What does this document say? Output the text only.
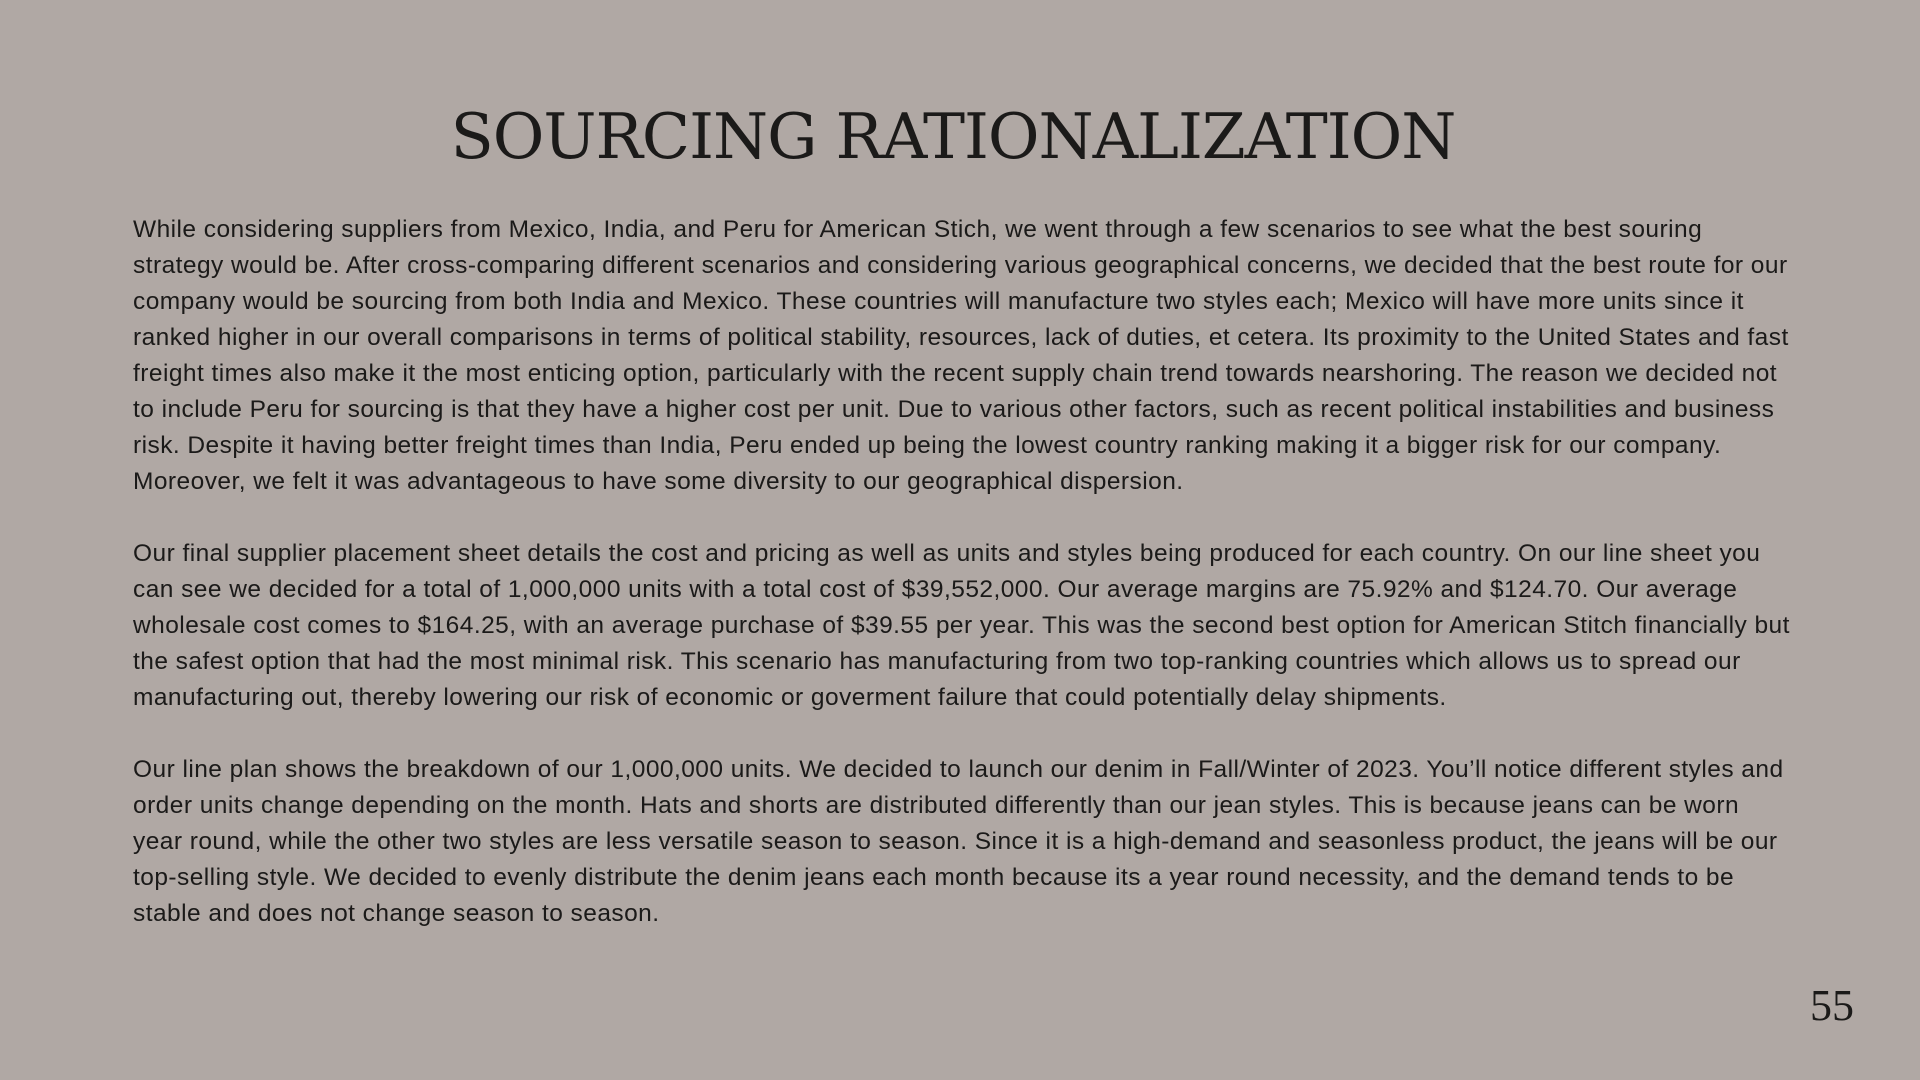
SOURCING RATIONALIZATION

While considering suppliers from Mexico, India, and Peru for American Stich, we went through a few scenarios to see what the best souring strategy would be. After cross-comparing different scenarios and considering various geographical concerns, we decided that the best route for our company would be sourcing from both India and Mexico. These countries will manufacture two styles each; Mexico will have more units since it ranked higher in our overall comparisons in terms of political stability, resources, lack of duties, et cetera. Its proximity to the United States and fast freight times also make it the most enticing option, particularly with the recent supply chain trend towards nearshoring. The reason we decided not to include Peru for sourcing is that they have a higher cost per unit. Due to various other factors, such as recent political instabilities and business risk. Despite it having better freight times than India, Peru ended up being the lowest country ranking making it a bigger risk for our company. Moreover, we felt it was advantageous to have some diversity to our geographical dispersion.

Our final supplier placement sheet details the cost and pricing as well as units and styles being produced for each country. On our line sheet you can see we decided for a total of 1,000,000 units with a total cost of $39,552,000. Our average margins are 75.92% and $124.70. Our average wholesale cost comes to $164.25, with an average purchase of $39.55 per year. This was the second best option for American Stitch financially but the safest option that had the most minimal risk. This scenario has manufacturing from two top-ranking countries which allows us to spread our manufacturing out, thereby lowering our risk of economic or goverment failure that could potentially delay shipments.

Our line plan shows the breakdown of our 1,000,000 units. We decided to launch our denim in Fall/Winter of 2023. You’ll notice different styles and order units change depending on the month. Hats and shorts are distributed differently than our jean styles. This is because jeans can be worn year round, while the other two styles are less versatile season to season. Since it is a high-demand and seasonless product, the jeans will be our top-selling style. We decided to evenly distribute the denim jeans each month because its a year round necessity, and the demand tends to be stable and does not change season to season.

55
